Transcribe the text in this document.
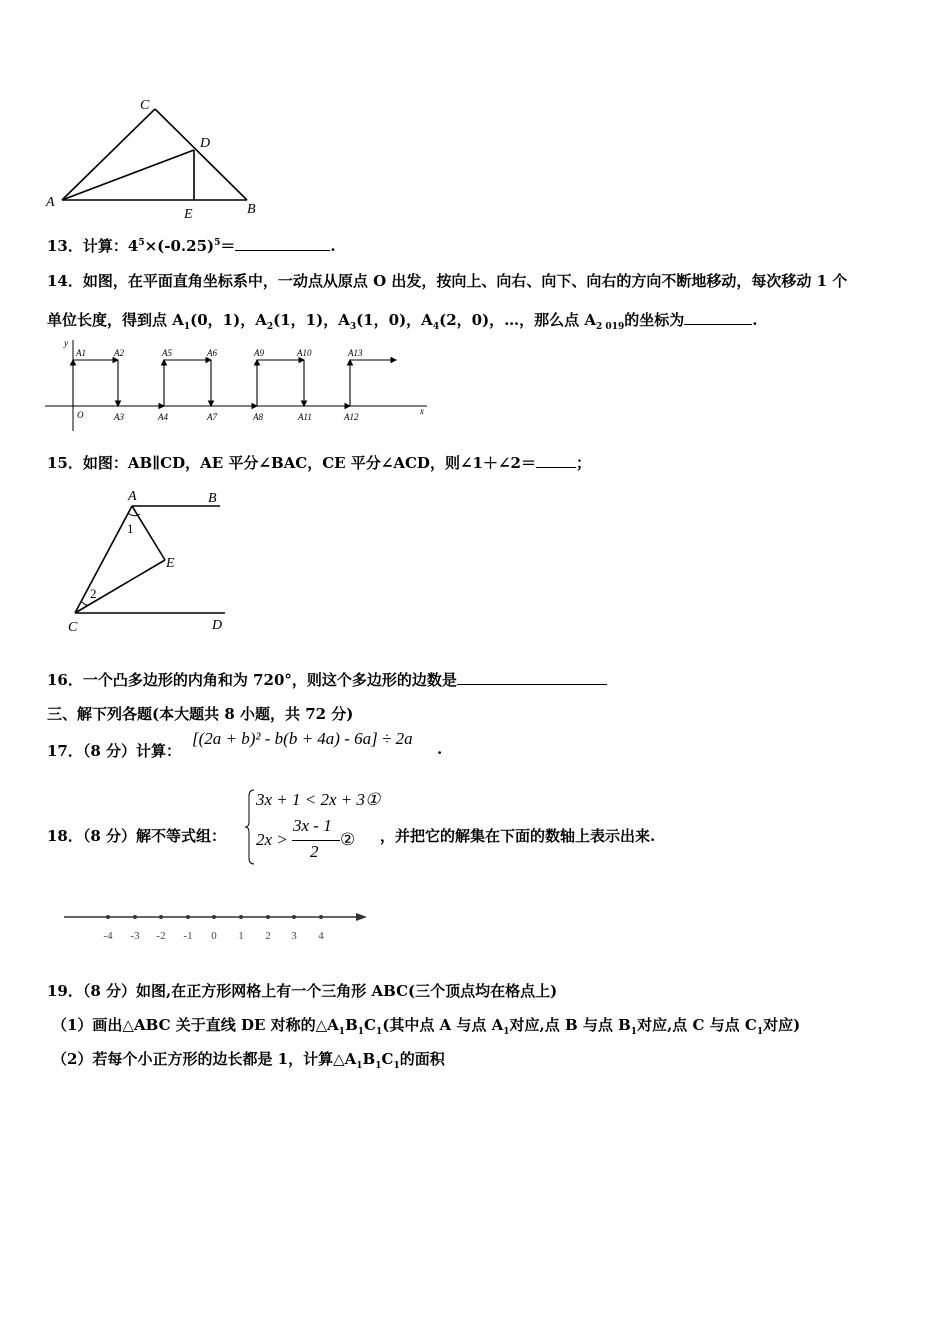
A	B
C
D
E
13．计算：$4^5\times(-0.25)^5=$	.
14．如图，在平面直角坐标系中，一动点从原点 O 出发，按向上、向右、向下、向右的方向不断地移动，每次移动 1 个
单位长度，得到点 $A_1(0$，1)，$A_2(1$，1)，$A_3(1$，0)，$A_4(2$，0)，…，那么点 $A_{2 019}$的坐标为	.
y
x
O
A1	A2	A5	A6	A9	A10	A13
A3	A4	A7	A8	A11	A12
15．如图：AB∥CD，AE 平分∠BAC，CE 平分∠ACD，则∠1＋∠2＝	；
A	B
C	D
E
1
2
16．一个凸多边形的内角和为 720°，则这个多边形的边数是
三、解下列各题(本大题共 8 小题，共 72 分)
17．（8 分）计算：
[(2a + b)² - b(b + 4a) - 6a] ÷ 2a
.
18．（8 分）解不等式组：
3x + 1 < 2x + 3①
2x >
3x - 1
2
② ，并把它的解集在下面的数轴上表示出来.
-4 -3 -2 -1 0 1 2 3 4
19．（8 分）如图,在正方形网格上有一个三角形 ABC(三个顶点均在格点上)
（1）画出△ABC 关于直线 DE 对称的$\triangle A_1B_1C_1$(其中点 A 与点 $A_1$对应,点 B 与点 $B_1$对应,点 C 与点 $C_1$对应)
（2）若每个小正方形的边长都是 1，计算$\triangle A_1B_1C_1$的面积
